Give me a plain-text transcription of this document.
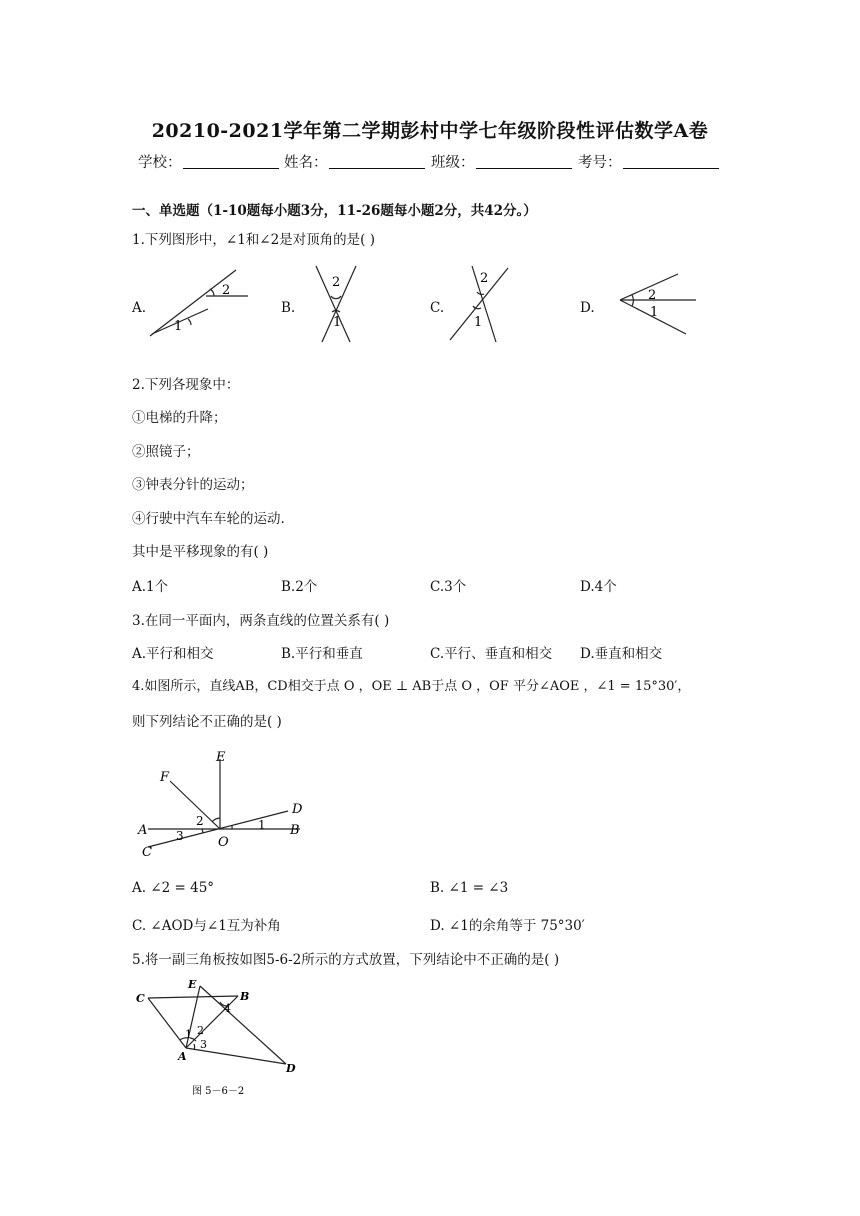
20210-2021学年第二学期彭村中学七年级阶段性评估数学A卷
学校：	姓名：	班级：	考号：
一、单选题（1-10题每小题3分，11-26题每小题2分，共42分。）
1.下列图形中，∠1和∠2是对顶角的是( )
A.
2
1
B.
2
1
C.
2
1
D.
2
1
2.下列各现象中：
①电梯的升降；
②照镜子；
③钟表分针的运动；
④行驶中汽车车轮的运动.
其中是平移现象的有( )
A.1个	B.2个	C.3个	D.4个
3.在同一平面内，两条直线的位置关系有( )
A.平行和相交	B.平行和垂直	C.平行、垂直和相交 D.垂直和相交
4.如图所示，直线AB，CD相交于点 O ，OE ⊥ AB于点 O ，OF 平分∠AOE ，∠1 = 15°30′，
则下列结论不正确的是( )
E
F
D
A	B
C
O
1
2
3
A. ∠2 = 45°	B. ∠1 = ∠3
C. ∠AOD与∠1互为补角	D. ∠1的余角等于 75°30′
5.将一副三角板按如图5-6-2所示的方式放置，下列结论中不正确的是( )
C
E
B
A
D
1 2
3
4
图 5－6－2
